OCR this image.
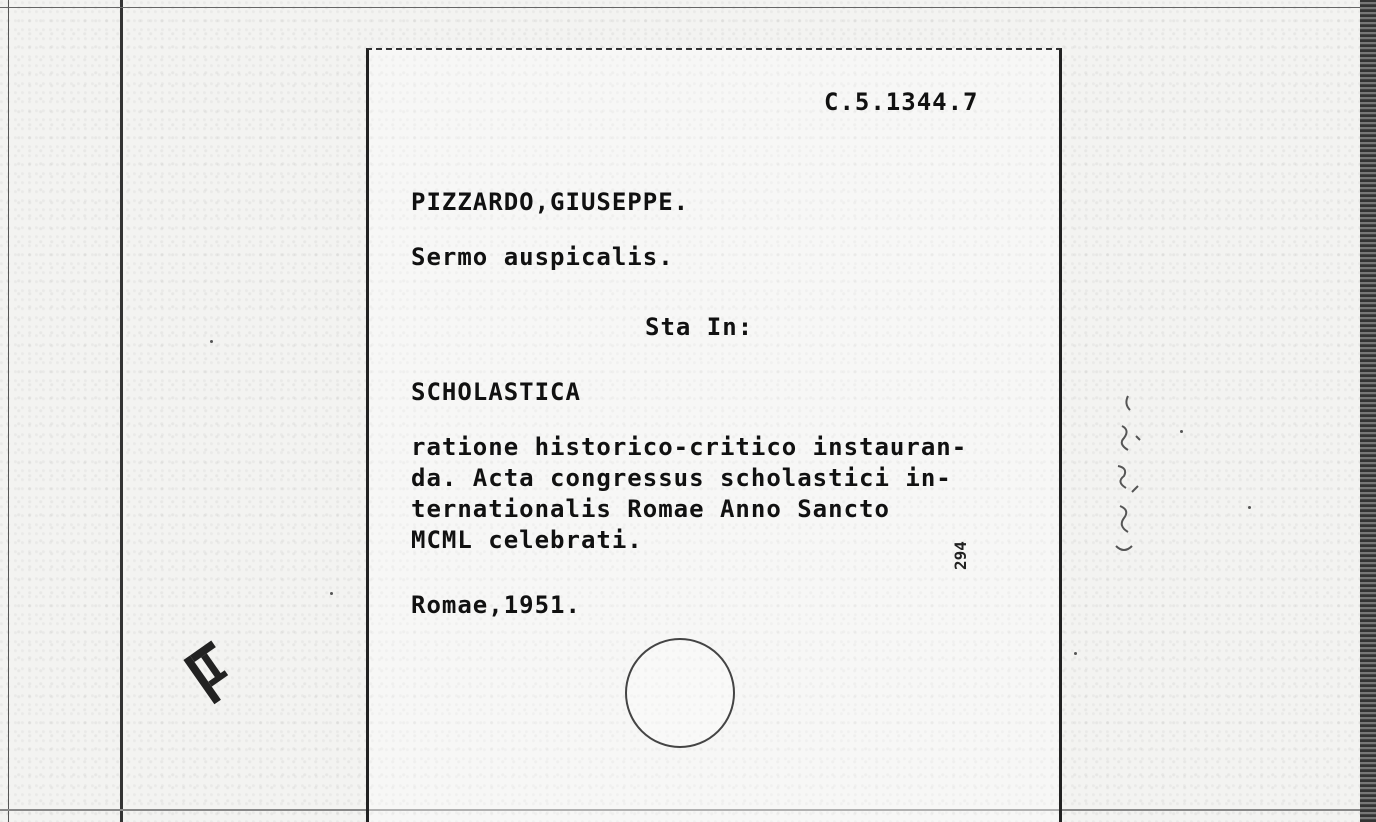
C.5.1344.7
PIZZARDO,GIUSEPPE.
Sermo auspicalis.
Sta In:
SCHOLASTICA
ratione historico-critico instauran-
da. Acta congressus scholastici in-
ternationalis Romae Anno Sancto
MCML celebrati.
Romae,1951.
294
